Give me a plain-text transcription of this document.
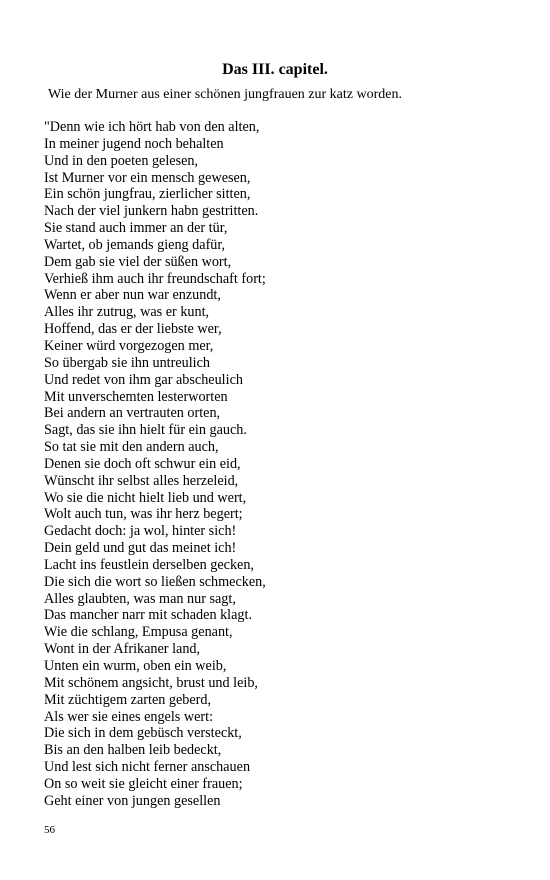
Das III. capitel.
Wie der Murner aus einer schönen jungfrauen zur katz worden.
"Denn wie ich hört hab von den alten,
In meiner jugend noch behalten
Und in den poeten gelesen,
Ist Murner vor ein mensch gewesen,
Ein schön jungfrau, zierlicher sitten,
Nach der viel junkern habn gestritten.
Sie stand auch immer an der tür,
Wartet, ob jemands gieng dafür,
Dem gab sie viel der süßen wort,
Verhieß ihm auch ihr freundschaft fort;
Wenn er aber nun war enzundt,
Alles ihr zutrug, was er kunt,
Hoffend, das er der liebste wer,
Keiner würd vorgezogen mer,
So übergab sie ihn untreulich
Und redet von ihm gar abscheulich
Mit unverschemten lesterworten
Bei andern an vertrauten orten,
Sagt, das sie ihn hielt für ein gauch.
So tat sie mit den andern auch,
Denen sie doch oft schwur ein eid,
Wünscht ihr selbst alles herzeleid,
Wo sie die nicht hielt lieb und wert,
Wolt auch tun, was ihr herz begert;
Gedacht doch: ja wol, hinter sich!
Dein geld und gut das meinet ich!
Lacht ins feustlein derselben gecken,
Die sich die wort so ließen schmecken,
Alles glaubten, was man nur sagt,
Das mancher narr mit schaden klagt.
Wie die schlang, Empusa genant,
Wont in der Afrikaner land,
Unten ein wurm, oben ein weib,
Mit schönem angsicht, brust und leib,
Mit züchtigem zarten geberd,
Als wer sie eines engels wert:
Die sich in dem gebüsch versteckt,
Bis an den halben leib bedeckt,
Und lest sich nicht ferner anschauen
On so weit sie gleicht einer frauen;
Geht einer von jungen gesellen
56
